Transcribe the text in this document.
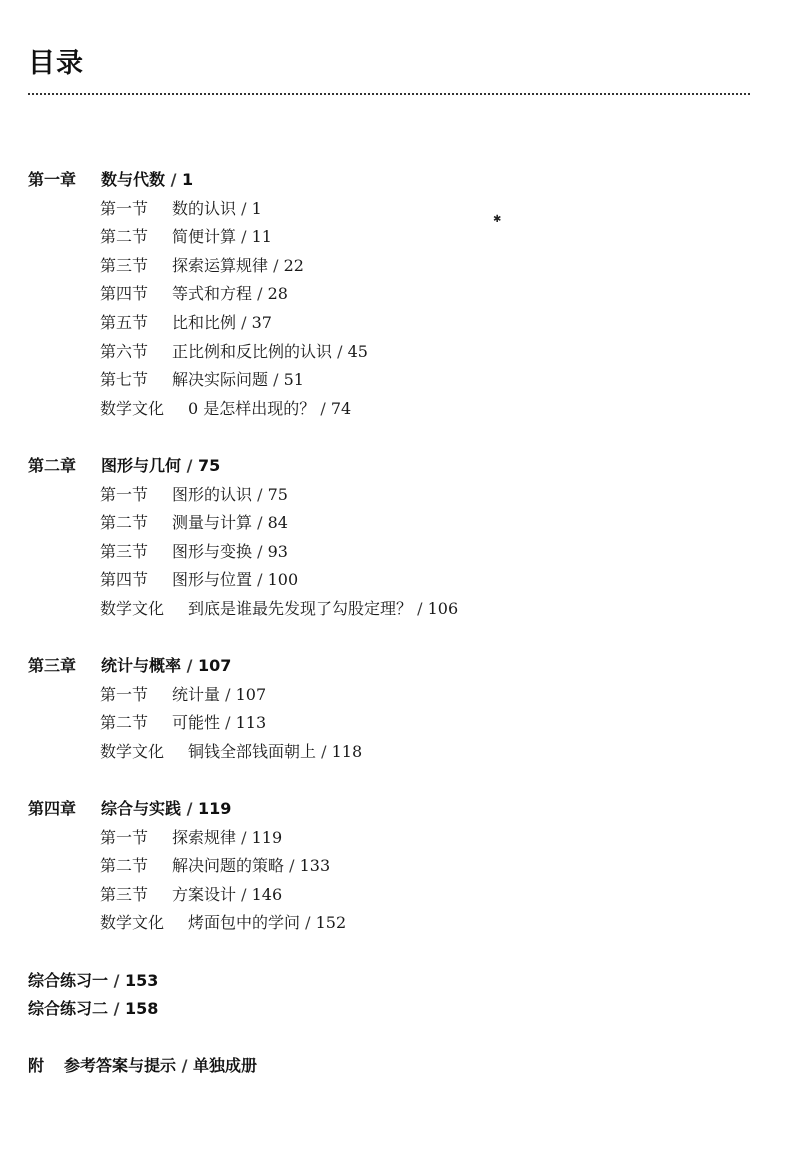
目录
✱
第一章 数与代数 / 1
第一节 数的认识 / 1
第二节 简便计算 / 11
第三节 探索运算规律 / 22
第四节 等式和方程 / 28
第五节 比和比例 / 37
第六节 正比例和反比例的认识 / 45
第七节 解决实际问题 / 51
数学文化 0 是怎样出现的？ / 74
第二章 图形与几何 / 75
第一节 图形的认识 / 75
第二节 测量与计算 / 84
第三节 图形与变换 / 93
第四节 图形与位置 / 100
数学文化 到底是谁最先发现了勾股定理？ / 106
第三章 统计与概率 / 107
第一节 统计量 / 107
第二节 可能性 / 113
数学文化 铜钱全部钱面朝上 / 118
第四章 综合与实践 / 119
第一节 探索规律 / 119
第二节 解决问题的策略 / 133
第三节 方案设计 / 146
数学文化 烤面包中的学问 / 152
综合练习一 / 153
综合练习二 / 158
附 参考答案与提示 / 单独成册
